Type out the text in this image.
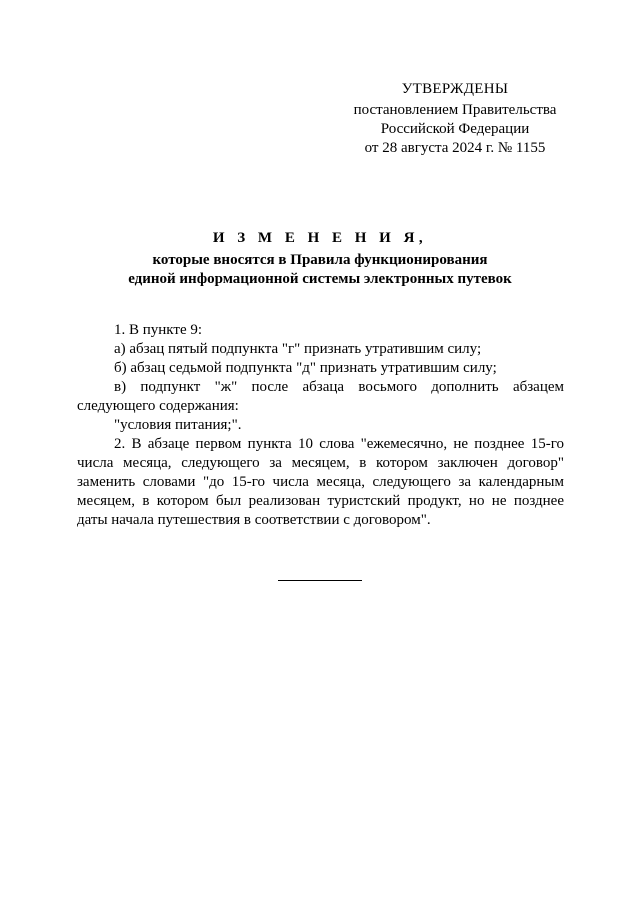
УТВЕРЖДЕНЫ
постановлением Правительства
Российской Федерации
от 28 августа 2024 г. № 1155
И З М Е Н Е Н И Я,
которые вносятся в Правила функционирования
единой информационной системы электронных путевок

1. В пункте 9:

а) абзац пятый подпункта "г" признать утратившим силу;

б) абзац седьмой подпункта "д" признать утратившим силу;

в) подпункт "ж" после абзаца восьмого дополнить абзацем следующего содержания:

"условия питания;".

2. В абзаце первом пункта 10 слова "ежемесячно, не позднее 15-го числа месяца, следующего за месяцем, в котором заключен договор" заменить словами "до 15-го числа месяца, следующего за календарным месяцем, в котором был реализован туристский продукт, но не позднее даты начала путешествия в соответствии с договором".
